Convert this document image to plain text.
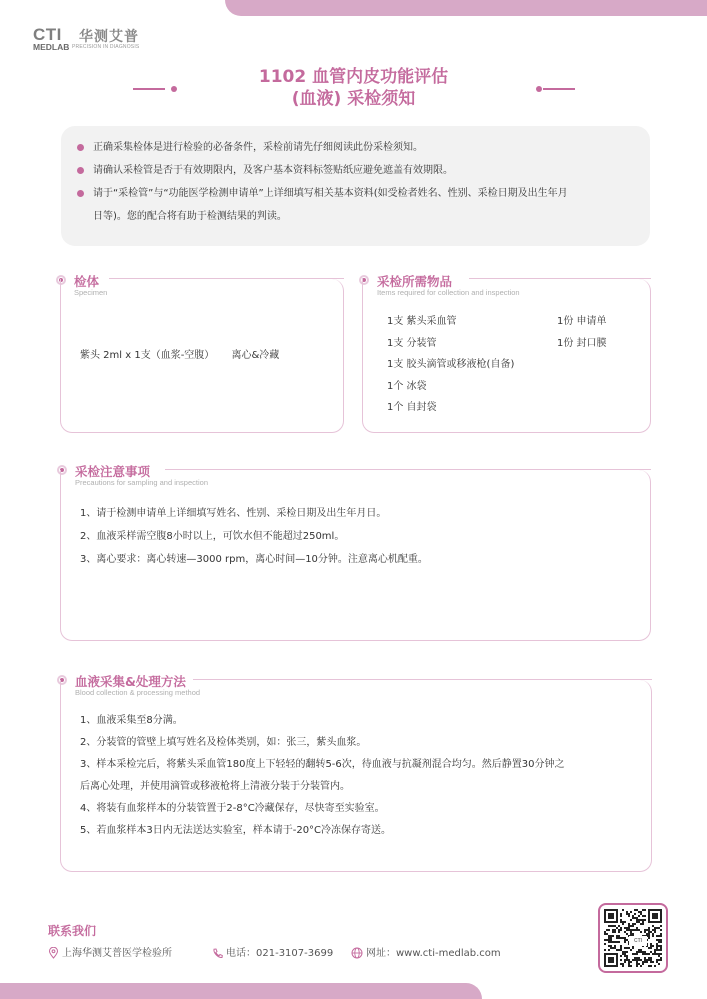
CTI 华测艾普
MEDLAB PRECISION IN DIAGNOSIS
1102 血管内皮功能评估
(血液) 采检须知
正确采集检体是进行检验的必备条件，采检前请先仔细阅读此份采检须知。
请确认采检管是否于有效期限内，及客户基本资料标签贴纸应避免遮盖有效期限。
请于“采检管”与“功能医学检测申请单”上详细填写相关基本资料(如受检者姓名、性别、采检日期及出生年月
日等)。您的配合将有助于检测结果的判读。
检体
Specimen
紫头 2ml x 1支（血浆-空腹） 离心&冷藏
采检所需物品
Items required for collection and inspection
1支 紫头采血管
1支 分装管
1支 胶头滴管或移液枪(自备)
1个 冰袋
1个 自封袋
1份 申请单
1份 封口膜
采检注意事项
Precautions for sampling and inspection
1、请于检测申请单上详细填写姓名、性别、采检日期及出生年月日。
2、血液采样需空腹8小时以上，可饮水但不能超过250ml。
3、离心要求：离心转速—3000 rpm，离心时间—10分钟。注意离心机配重。
血液采集&处理方法
Blood collection & processing method
1、血液采集至8分满。
2、分装管的管壁上填写姓名及检体类别，如：张三，紫头血浆。
3、样本采检完后，将紫头采血管180度上下轻轻的翻转5-6次，待血液与抗凝剂混合均匀。然后静置30分钟之
后离心处理，并使用滴管或移液枪将上清液分装于分装管内。
4、将装有血浆样本的分装管置于2-8°C冷藏保存，尽快寄至实验室。
5、若血浆样本3日内无法送达实验室，样本请于-20°C冷冻保存寄送。
联系我们
上海华测艾普医学检验所	电话：021-3107-3699	网址：www.cti-medlab.com
CTI
